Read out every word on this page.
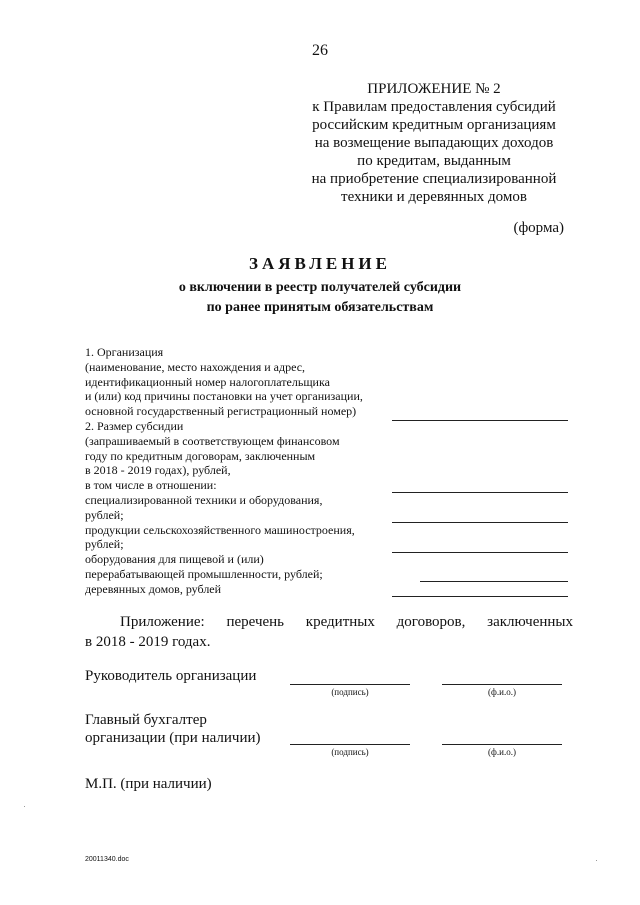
26
ПРИЛОЖЕНИЕ № 2
к Правилам предоставления субсидий
российским кредитным организациям
на возмещение выпадающих доходов
по кредитам, выданным
на приобретение специализированной
техники и деревянных домов
(форма)
ЗАЯВЛЕНИЕ
о включении в реестр получателей субсидии
по ранее принятым обязательствам
1. Организация
(наименование, место нахождения и адрес,
идентификационный номер налогоплательщика
и (или) код причины постановки на учет организации,
основной государственный регистрационный номер)
2. Размер субсидии
(запрашиваемый в соответствующем финансовом
году по кредитным договорам, заключенным
в 2018 - 2019 годах), рублей,
в том числе в отношении:
специализированной техники и оборудования,
рублей;
продукции сельскохозяйственного машиностроения,
рублей;
оборудования для пищевой и (или)
перерабатывающей промышленности, рублей;
деревянных домов, рублей
Приложение: перечень кредитных договоров, заключенных
в 2018 - 2019 годах.
Руководитель организации
(подпись)	(ф.и.о.)
Главный бухгалтер
организации (при наличии)
(подпись)	(ф.и.о.)
М.П. (при наличии)
20011340.doc
